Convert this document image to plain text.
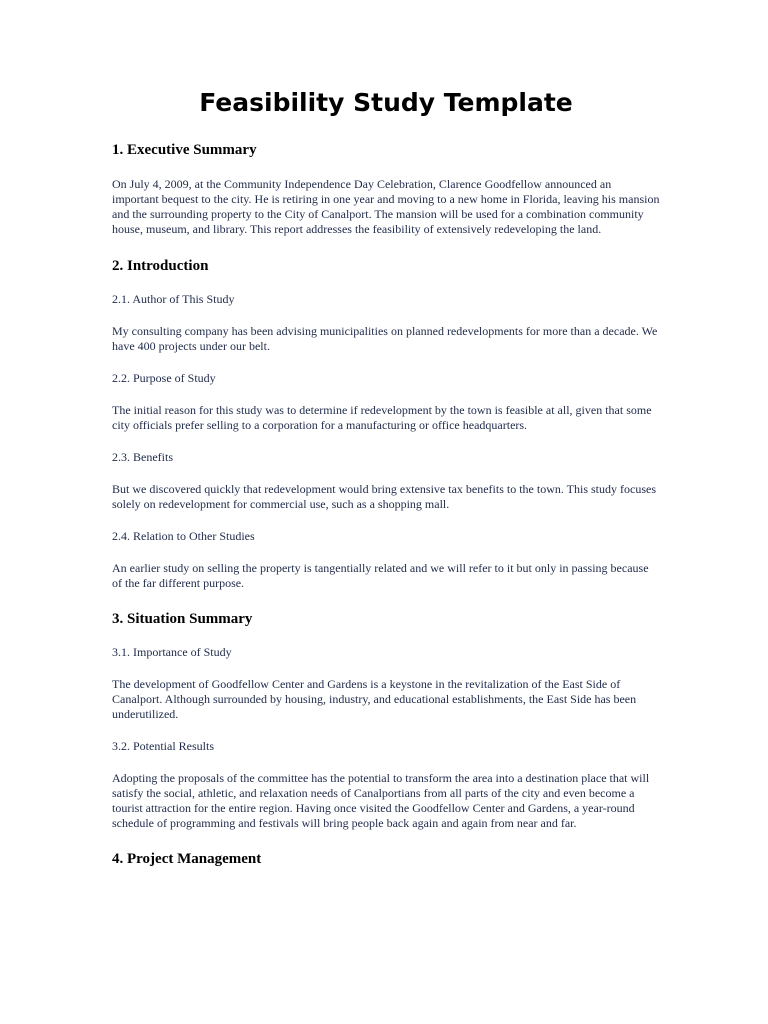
Feasibility Study Template
1. Executive Summary

On July 4, 2009, at the Community Independence Day Celebration, Clarence Goodfellow announced an important bequest to the city. He is retiring in one year and moving to a new home in Florida, leaving his mansion and the surrounding property to the City of Canalport. The mansion will be used for a combination community house, museum, and library. This report addresses the feasibility of extensively redeveloping the land.

2. Introduction
2.1. Author of This Study

My consulting company has been advising municipalities on planned redevelopments for more than a decade. We have 400 projects under our belt.

2.2. Purpose of Study

The initial reason for this study was to determine if redevelopment by the town is feasible at all, given that some city officials prefer selling to a corporation for a manufacturing or office headquarters.

2.3. Benefits

But we discovered quickly that redevelopment would bring extensive tax benefits to the town. This study focuses solely on redevelopment for commercial use, such as a shopping mall.

2.4. Relation to Other Studies

An earlier study on selling the property is tangentially related and we will refer to it but only in passing because of the far different purpose.

3. Situation Summary
3.1. Importance of Study

The development of Goodfellow Center and Gardens is a keystone in the revitalization of the East Side of Canalport. Although surrounded by housing, industry, and educational establishments, the East Side has been underutilized.

3.2. Potential Results

Adopting the proposals of the committee has the potential to transform the area into a destination place that will satisfy the social, athletic, and relaxation needs of Canalportians from all parts of the city and even become a tourist attraction for the entire region. Having once visited the Goodfellow Center and Gardens, a year-round schedule of programming and festivals will bring people back again and again from near and far.

4. Project Management
